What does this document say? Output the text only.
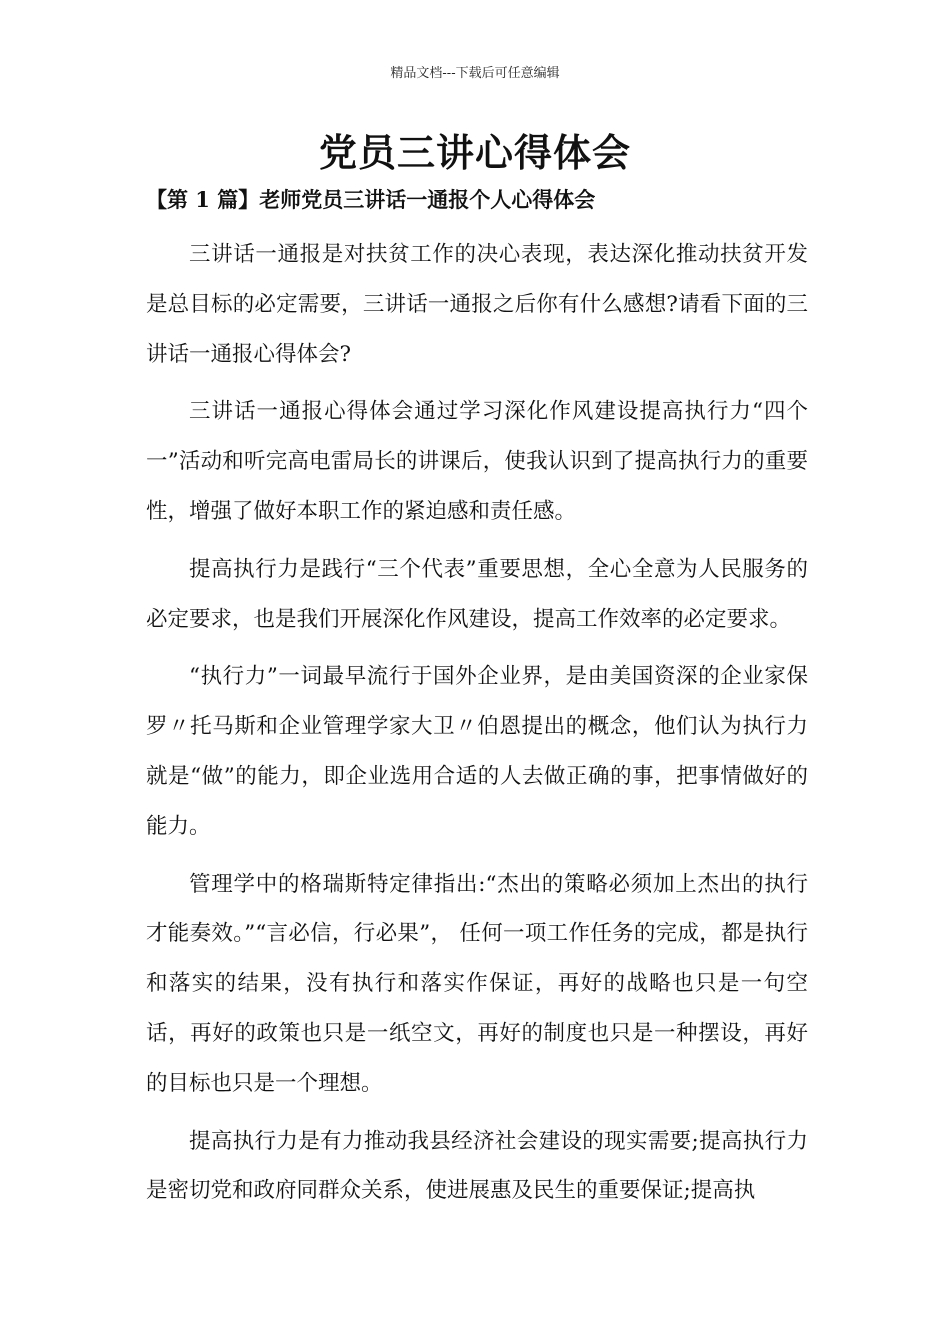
精品文档---下载后可任意编辑
党员三讲心得体会
【第 1 篇】老师党员三讲话一通报个人心得体会

三讲话一通报是对扶贫工作的决心表现，表达深化推动扶贫开发是总目标的必定需要，三讲话一通报之后你有什么感想?请看下面的三讲话一通报心得体会?

三讲话一通报心得体会通过学习深化作风建设提高执行力“四个一”活动和听完高电雷局长的讲课后，使我认识到了提高执行力的重要性，增强了做好本职工作的紧迫感和责任感。

提高执行力是践行“三个代表”重要思想，全心全意为人民服务的必定要求，也是我们开展深化作风建设，提高工作效率的必定要求。

“执行力”一词最早流行于国外企业界，是由美国资深的企业家保罗〃托马斯和企业管理学家大卫〃伯恩提出的概念，他们认为执行力就是“做”的能力，即企业选用合适的人去做正确的事，把事情做好的能力。

管理学中的格瑞斯特定律指出:“杰出的策略必须加上杰出的执行才能奏效。”“言必信，行必果”， 任何一项工作任务的完成，都是执行和落实的结果，没有执行和落实作保证，再好的战略也只是一句空话，再好的政策也只是一纸空文，再好的制度也只是一种摆设，再好的目标也只是一个理想。

提高执行力是有力推动我县经济社会建设的现实需要;提高执行力是密切党和政府同群众关系，使进展惠及民生的重要保证;提高执
